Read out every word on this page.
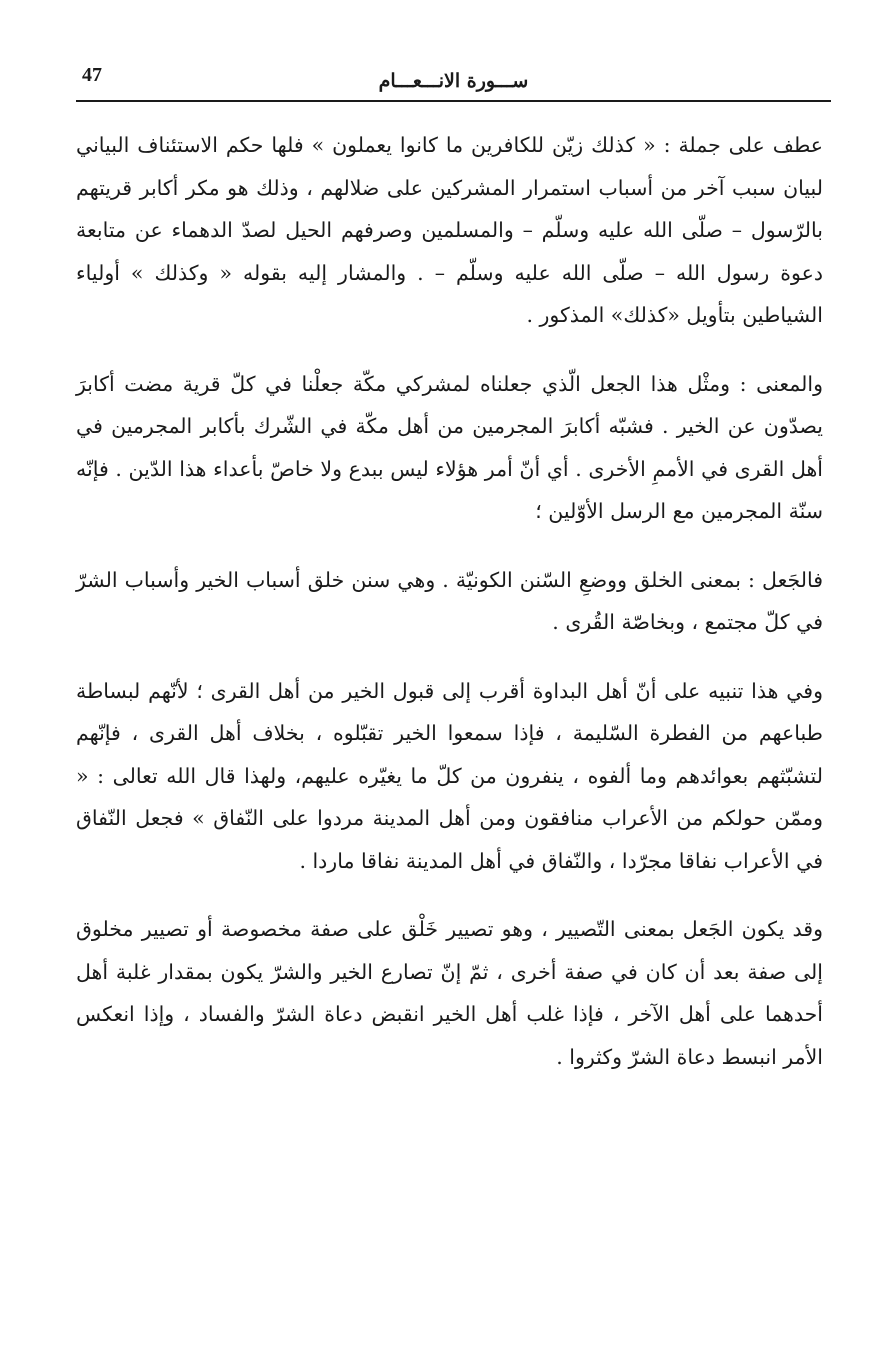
47	ســـورة الانـــعـــام

عطف على جملة : « كذلك زيّن للكافرين ما كانوا يعملون » فلها حكم الاستئناف البياني لبيان سبب آخر من أسباب استمرار المشركين على ضلالهم ، وذلك هو مكر أكابر قريتهم بالرّسول – صلّى الله عليه وسلّم – والمسلمين وصرفهم الحيل لصدّ الدهماء عن متابعة دعوة رسول الله – صلّى الله عليه وسلّم – . والمشار إليه بقوله « وكذلك » أولياء الشياطين بتأويل «كذلك» المذكور .

والمعنى : ومثْل هذا الجعل الّذي جعلناه لمشركي مكّة جعلْنا في كلّ قرية مضت أكابرَ يصدّون عن الخير . فشبّه أكابرَ المجرمين من أهل مكّة في الشّرك بأكابر المجرمين في أهل القرى في الأممِ الأخرى . أي أنّ أمر هؤلاء ليس ببدع ولا خاصّ بأعداء هذا الدّين . فإنّه سنّة المجرمين مع الرسل الأوّلين ؛

فالجَعل : بمعنى الخلق ووضعِ السّنن الكونيّة . وهي سنن خلق أسباب الخير وأسباب الشرّ في كلّ مجتمع ، وبخاصّة القُرى .

وفي هذا تنبيه على أنّ أهل البداوة أقرب إلى قبول الخير من أهل القرى ؛ لأنّهم لبساطة طباعهم من الفطرة السّليمة ، فإذا سمعوا الخير تقبّلوه ، بخلاف أهل القرى ، فإنّهم لتشبّثهم بعوائدهم وما ألفوه ، ينفرون من كلّ ما يغيّره عليهم، ولهذا قال الله تعالى : « وممّن حولكم من الأعراب منافقون ومن أهل المدينة مردوا على النّفاق » فجعل النّفاق في الأعراب نفاقا مجرّدا ، والنّفاق في أهل المدينة نفاقا ماردا .

وقد يكون الجَعل بمعنى التّصيير ، وهو تصيير خَلْق على صفة مخصوصة أو تصيير مخلوق إلى صفة بعد أن كان في صفة أخرى ، ثمّ إنّ تصارع الخير والشرّ يكون بمقدار غلبة أهل أحدهما على أهل الآخر ، فإذا غلب أهل الخير انقبض دعاة الشرّ والفساد ، وإذا انعكس الأمر انبسط دعاة الشرّ وكثروا .
